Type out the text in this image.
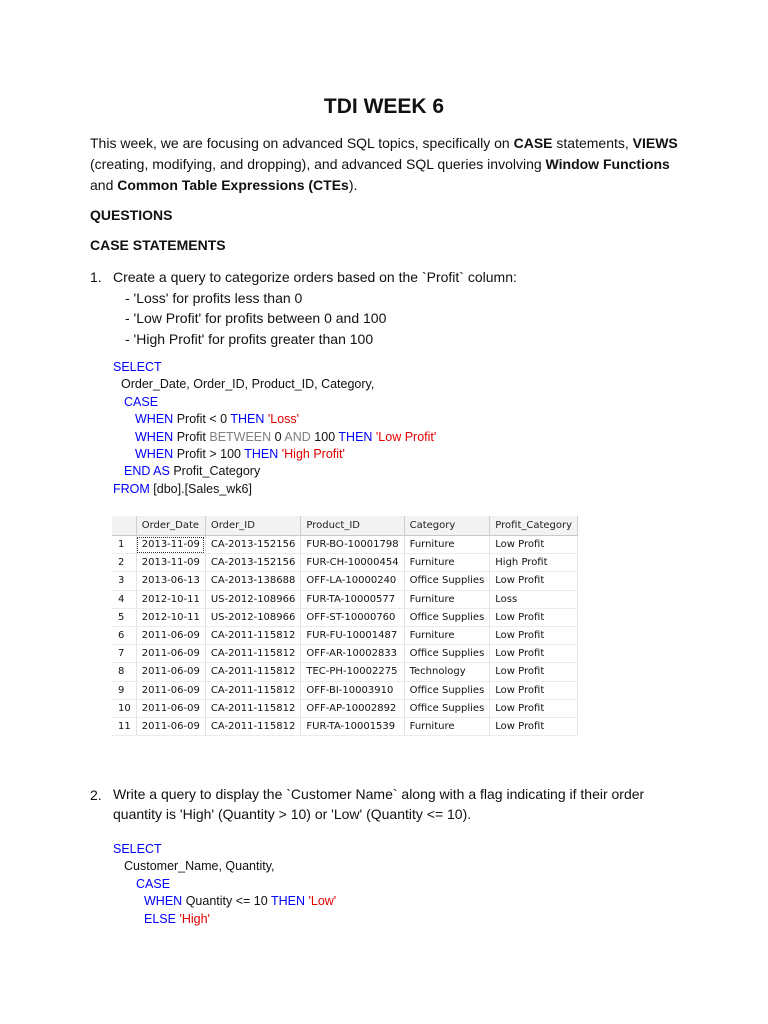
TDI WEEK 6
This week, we are focusing on advanced SQL topics, specifically on CASE statements, VIEWS (creating, modifying, and dropping), and advanced SQL queries involving Window Functions and Common Table Expressions (CTEs).
QUESTIONS
CASE STATEMENTS
1. Create a query to categorize orders based on the `Profit` column:
- 'Loss' for profits less than 0
- 'Low Profit' for profits between 0 and 100
- 'High Profit' for profits greater than 100
SELECT
Order_Date, Order_ID, Product_ID, Category,
CASE
WHEN Profit < 0 THEN 'Loss'
WHEN Profit BETWEEN 0 AND 100 THEN 'Low Profit'
WHEN Profit > 100 THEN 'High Profit'
END AS Profit_Category
FROM [dbo].[Sales_wk6]
	Order_Date	Order_ID	Product_ID	Category	Profit_Category
1	2013-11-09	CA-2013-152156	FUR-BO-10001798	Furniture	Low Profit
2	2013-11-09	CA-2013-152156	FUR-CH-10000454	Furniture	High Profit
3	2013-06-13	CA-2013-138688	OFF-LA-10000240	Office Supplies	Low Profit
4	2012-10-11	US-2012-108966	FUR-TA-10000577	Furniture	Loss
5	2012-10-11	US-2012-108966	OFF-ST-10000760	Office Supplies	Low Profit
6	2011-06-09	CA-2011-115812	FUR-FU-10001487	Furniture	Low Profit
7	2011-06-09	CA-2011-115812	OFF-AR-10002833	Office Supplies	Low Profit
8	2011-06-09	CA-2011-115812	TEC-PH-10002275	Technology	Low Profit
9	2011-06-09	CA-2011-115812	OFF-BI-10003910	Office Supplies	Low Profit
10	2011-06-09	CA-2011-115812	OFF-AP-10002892	Office Supplies	Low Profit
11	2011-06-09	CA-2011-115812	FUR-TA-10001539	Furniture	Low Profit
2. Write a query to display the `Customer Name` along with a flag indicating if their order quantity is 'High' (Quantity > 10) or 'Low' (Quantity <= 10).
SELECT
Customer_Name, Quantity,
CASE
WHEN Quantity <= 10 THEN 'Low'
ELSE 'High'
